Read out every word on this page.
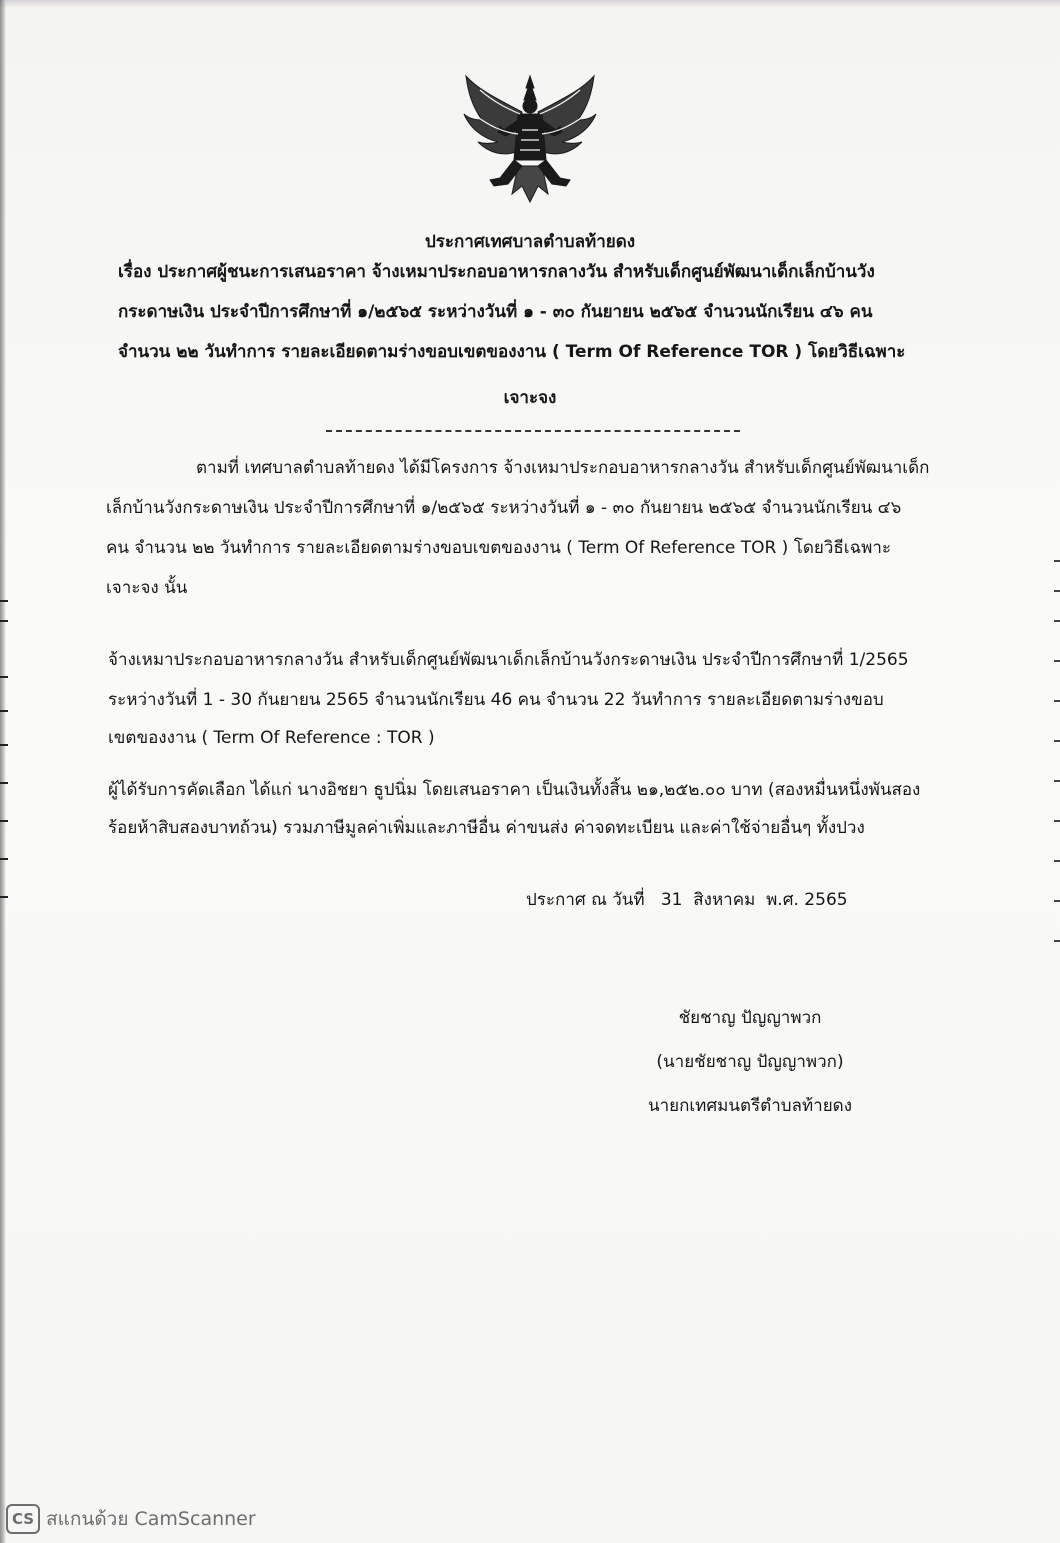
ประกาศเทศบาลตำบลท้ายดง
เรื่อง ประกาศผู้ชนะการเสนอราคา จ้างเหมาประกอบอาหารกลางวัน สำหรับเด็กศูนย์พัฒนาเด็กเล็กบ้านวัง
กระดาษเงิน ประจำปีการศึกษาที่ ๑/๒๕๖๕ ระหว่างวันที่ ๑ - ๓๐ กันยายน ๒๕๖๕ จำนวนนักเรียน ๔๖ คน
จำนวน ๒๒ วันทำการ รายละเอียดตามร่างขอบเขตของงาน ( Term Of Reference TOR ) โดยวิธีเฉพาะ
เจาะจง
ตามที่ เทศบาลตำบลท้ายดง ได้มีโครงการ จ้างเหมาประกอบอาหารกลางวัน สำหรับเด็กศูนย์พัฒนาเด็ก
เล็กบ้านวังกระดาษเงิน ประจำปีการศึกษาที่ ๑/๒๕๖๕ ระหว่างวันที่ ๑ - ๓๐ กันยายน ๒๕๖๕ จำนวนนักเรียน ๔๖
คน จำนวน ๒๒ วันทำการ รายละเอียดตามร่างขอบเขตของงาน ( Term Of Reference TOR ) โดยวิธีเฉพาะ
เจาะจง นั้น
จ้างเหมาประกอบอาหารกลางวัน สำหรับเด็กศูนย์พัฒนาเด็กเล็กบ้านวังกระดาษเงิน ประจำปีการศึกษาที่ 1/2565
ระหว่างวันที่ 1 - 30 กันยายน 2565 จำนวนนักเรียน 46 คน จำนวน 22 วันทำการ รายละเอียดตามร่างขอบ
เขตของงาน ( Term Of Reference : TOR )
ผู้ได้รับการคัดเลือก ได้แก่ นางอิชยา ธูปนิ่ม โดยเสนอราคา เป็นเงินทั้งสิ้น ๒๑,๒๕๒.๐๐ บาท (สองหมื่นหนึ่งพันสอง
ร้อยห้าสิบสองบาทถ้วน) รวมภาษีมูลค่าเพิ่มและภาษีอื่น ค่าขนส่ง ค่าจดทะเบียน และค่าใช้จ่ายอื่นๆ ทั้งปวง
ประกาศ ณ วันที่   31  สิงหาคม  พ.ศ. 2565
ชัยชาญ ปัญญาพวก
(นายชัยชาญ ปัญญาพวก)
นายกเทศมนตรีตำบลท้ายดง
CS สแกนด้วย CamScanner
